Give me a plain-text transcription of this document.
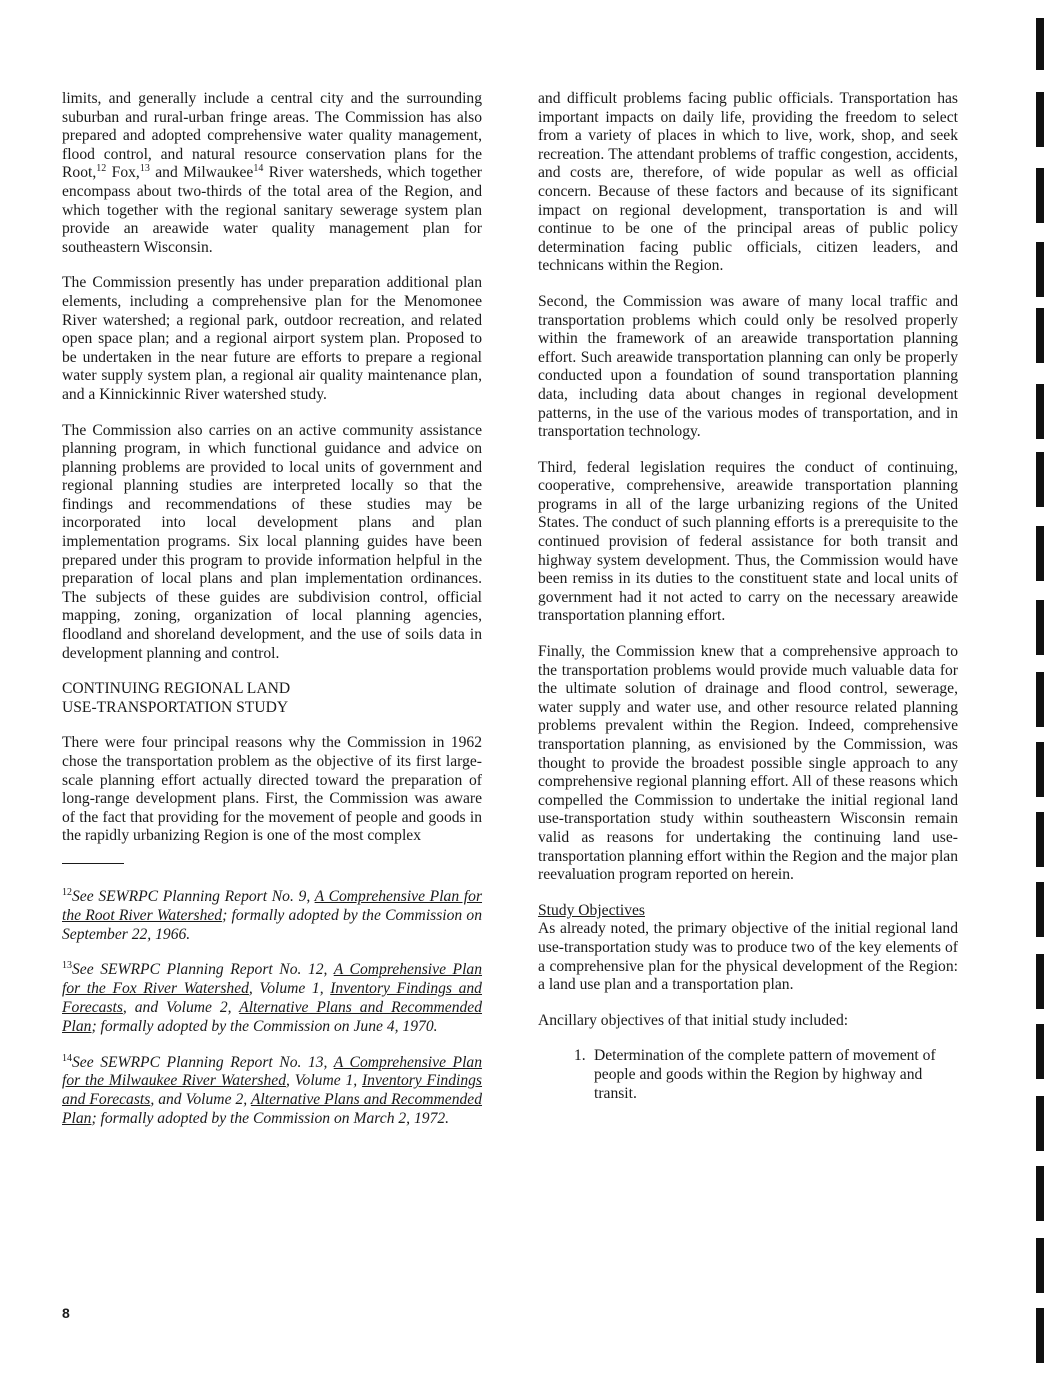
limits, and generally include a central city and the surrounding suburban and rural-urban fringe areas. The Commission has also prepared and adopted comprehensive water quality management, flood control, and natural resource conservation plans for the Root,$^{12}$ Fox,$^{13}$ and Milwaukee$^{14}$ River watersheds, which together encompass about two-thirds of the total area of the Region, and which together with the regional sanitary sewerage system plan provide an areawide water quality management plan for southeastern Wisconsin.

The Commission presently has under preparation additional plan elements, including a comprehensive plan for the Menomonee River watershed; a regional park, outdoor recreation, and related open space plan; and a regional airport system plan. Proposed to be undertaken in the near future are efforts to prepare a regional water supply system plan, a regional air quality maintenance plan, and a Kinnickinnic River watershed study.

The Commission also carries on an active community assistance planning program, in which functional guidance and advice on planning problems are provided to local units of government and regional planning studies are interpreted locally so that the findings and recommendations of these studies may be incorporated into local development plans and plan implementation programs. Six local planning guides have been prepared under this program to provide information helpful in the preparation of local plans and plan implementation ordinances. The subjects of these guides are subdivision control, official mapping, zoning, organization of local planning agencies, floodland and shoreland development, and the use of soils data in development planning and control.

CONTINUING REGIONAL LAND
USE-TRANSPORTATION STUDY

There were four principal reasons why the Commission in 1962 chose the transportation problem as the objective of its first large-scale planning effort actually directed toward the preparation of long-range development plans. First, the Commission was aware of the fact that providing for the movement of people and goods in the rapidly urbanizing Region is one of the most complex

$^{12}$See SEWRPC Planning Report No. 9, A Comprehensive Plan for the Root River Watershed; formally adopted by the Commission on September 22, 1966.

$^{13}$See SEWRPC Planning Report No. 12, A Comprehensive Plan for the Fox River Watershed, Volume 1, Inventory Findings and Forecasts, and Volume 2, Alternative Plans and Recommended Plan; formally adopted by the Commission on June 4, 1970.

$^{14}$See SEWRPC Planning Report No. 13, A Comprehensive Plan for the Milwaukee River Watershed, Volume 1, Inventory Findings and Forecasts, and Volume 2, Alternative Plans and Recommended Plan; formally adopted by the Commission on March 2, 1972.

and difficult problems facing public officials. Transportation has important impacts on daily life, providing the freedom to select from a variety of places in which to live, work, shop, and seek recreation. The attendant problems of traffic congestion, accidents, and costs are, therefore, of wide popular as well as official concern. Because of these factors and because of its significant impact on regional development, transportation is and will continue to be one of the principal areas of public policy determination facing public officials, citizen leaders, and technicans within the Region.

Second, the Commission was aware of many local traffic and transportation problems which could only be resolved properly within the framework of an areawide transportation planning effort. Such areawide transportation planning can only be properly conducted upon a foundation of sound transportation planning data, including data about changes in regional development patterns, in the use of the various modes of transportation, and in transportation technology.

Third, federal legislation requires the conduct of continuing, cooperative, comprehensive, areawide transportation planning programs in all of the large urbanizing regions of the United States. The conduct of such planning efforts is a prerequisite to the continued provision of federal assistance for both transit and highway system development. Thus, the Commission would have been remiss in its duties to the constituent state and local units of government had it not acted to carry on the necessary areawide transportation planning effort.

Finally, the Commission knew that a comprehensive approach to the transportation problems would provide much valuable data for the ultimate solution of drainage and flood control, sewerage, water supply and water use, and other resource related planning problems prevalent within the Region. Indeed, comprehensive transportation planning, as envisioned by the Commission, was thought to provide the broadest possible single approach to any comprehensive regional planning effort. All of these reasons which compelled the Commission to undertake the initial regional land use-transportation study within southeastern Wisconsin remain valid as reasons for undertaking the continuing land use-transportation planning effort within the Region and the major plan reevaluation program reported on herein.

Study Objectives
As already noted, the primary objective of the initial regional land use-transportation study was to produce two of the key elements of a comprehensive plan for the physical development of the Region: a land use plan and a transportation plan.

Ancillary objectives of that initial study included:

1. Determination of the complete pattern of movement of people and goods within the Region by highway and transit.
8
